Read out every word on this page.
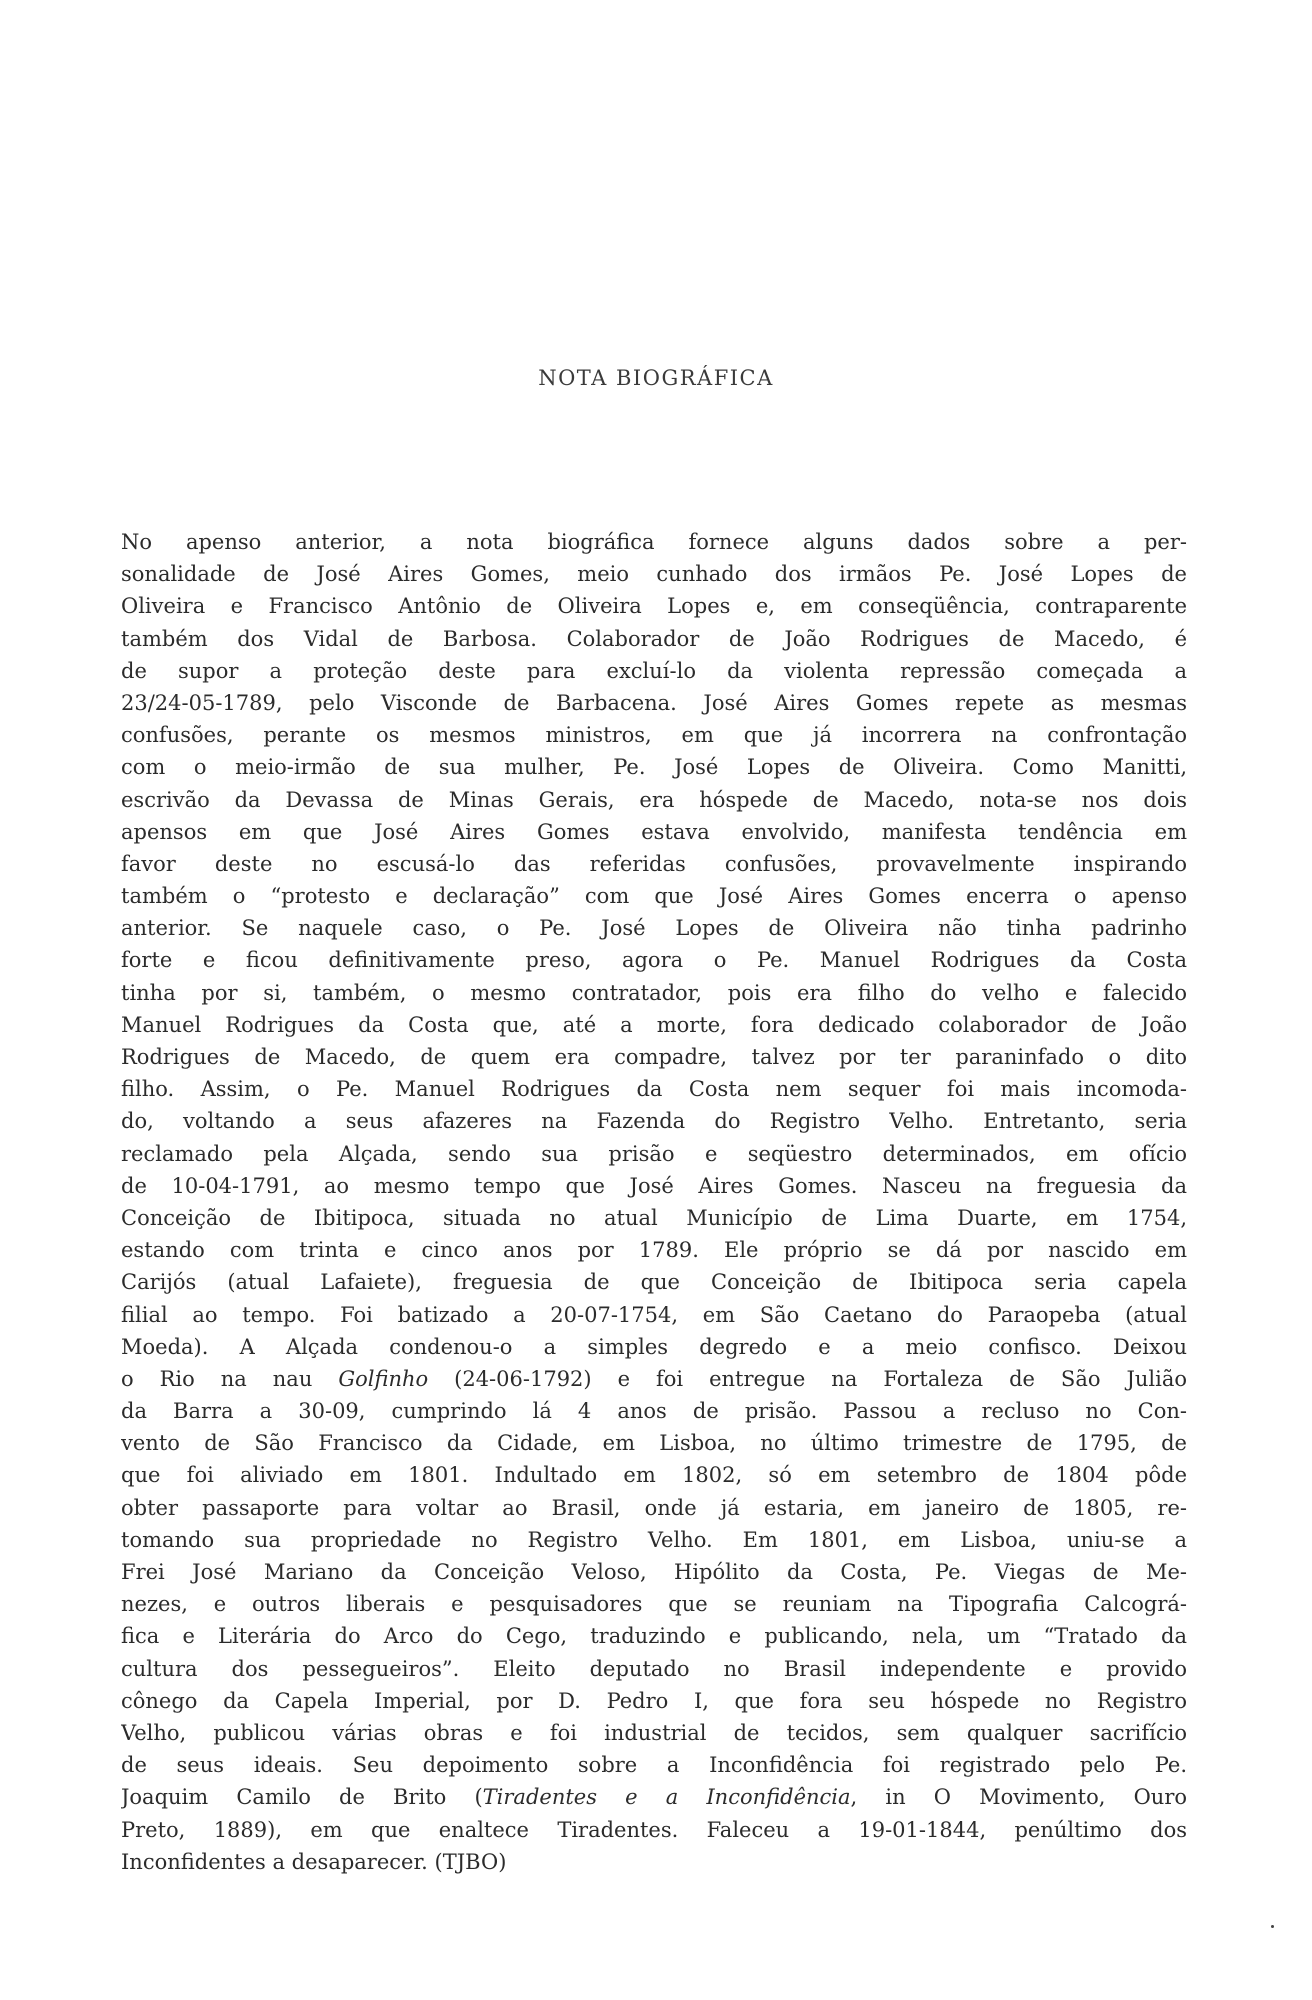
NOTA BIOGRÁFICA
No apenso anterior, a nota biográfica fornece alguns dados sobre a per-
sonalidade de José Aires Gomes, meio cunhado dos irmãos Pe. José Lopes de
Oliveira e Francisco Antônio de Oliveira Lopes e, em conseqüência, contraparente
também dos Vidal de Barbosa. Colaborador de João Rodrigues de Macedo, é
de supor a proteção deste para excluí-lo da violenta repressão começada a
23/24-05-1789, pelo Visconde de Barbacena. José Aires Gomes repete as mesmas
confusões, perante os mesmos ministros, em que já incorrera na confrontação
com o meio-irmão de sua mulher, Pe. José Lopes de Oliveira. Como Manitti,
escrivão da Devassa de Minas Gerais, era hóspede de Macedo, nota-se nos dois
apensos em que José Aires Gomes estava envolvido, manifesta tendência em
favor deste no escusá-lo das referidas confusões, provavelmente inspirando
também o “protesto e declaração” com que José Aires Gomes encerra o apenso
anterior. Se naquele caso, o Pe. José Lopes de Oliveira não tinha padrinho
forte e ficou definitivamente preso, agora o Pe. Manuel Rodrigues da Costa
tinha por si, também, o mesmo contratador, pois era filho do velho e falecido
Manuel Rodrigues da Costa que, até a morte, fora dedicado colaborador de João
Rodrigues de Macedo, de quem era compadre, talvez por ter paraninfado o dito
filho. Assim, o Pe. Manuel Rodrigues da Costa nem sequer foi mais incomoda-
do, voltando a seus afazeres na Fazenda do Registro Velho. Entretanto, seria
reclamado pela Alçada, sendo sua prisão e seqüestro determinados, em ofício
de 10-04-1791, ao mesmo tempo que José Aires Gomes. Nasceu na freguesia da
Conceição de Ibitipoca, situada no atual Município de Lima Duarte, em 1754,
estando com trinta e cinco anos por 1789. Ele próprio se dá por nascido em
Carijós (atual Lafaiete), freguesia de que Conceição de Ibitipoca seria capela
filial ao tempo. Foi batizado a 20-07-1754, em São Caetano do Paraopeba (atual
Moeda). A Alçada condenou-o a simples degredo e a meio confisco. Deixou
o Rio na nau Golfinho (24-06-1792) e foi entregue na Fortaleza de São Julião
da Barra a 30-09, cumprindo lá 4 anos de prisão. Passou a recluso no Con-
vento de São Francisco da Cidade, em Lisboa, no último trimestre de 1795, de
que foi aliviado em 1801. Indultado em 1802, só em setembro de 1804 pôde
obter passaporte para voltar ao Brasil, onde já estaria, em janeiro de 1805, re-
tomando sua propriedade no Registro Velho. Em 1801, em Lisboa, uniu-se a
Frei José Mariano da Conceição Veloso, Hipólito da Costa, Pe. Viegas de Me-
nezes, e outros liberais e pesquisadores que se reuniam na Tipografia Calcográ-
fica e Literária do Arco do Cego, traduzindo e publicando, nela, um “Tratado da
cultura dos pessegueiros”. Eleito deputado no Brasil independente e provido
cônego da Capela Imperial, por D. Pedro I, que fora seu hóspede no Registro
Velho, publicou várias obras e foi industrial de tecidos, sem qualquer sacrifício
de seus ideais. Seu depoimento sobre a Inconfidência foi registrado pelo Pe.
Joaquim Camilo de Brito (Tiradentes e a Inconfidência, in O Movimento, Ouro
Preto, 1889), em que enaltece Tiradentes. Faleceu a 19-01-1844, penúltimo dos
Inconfidentes a desaparecer. (TJBO)
